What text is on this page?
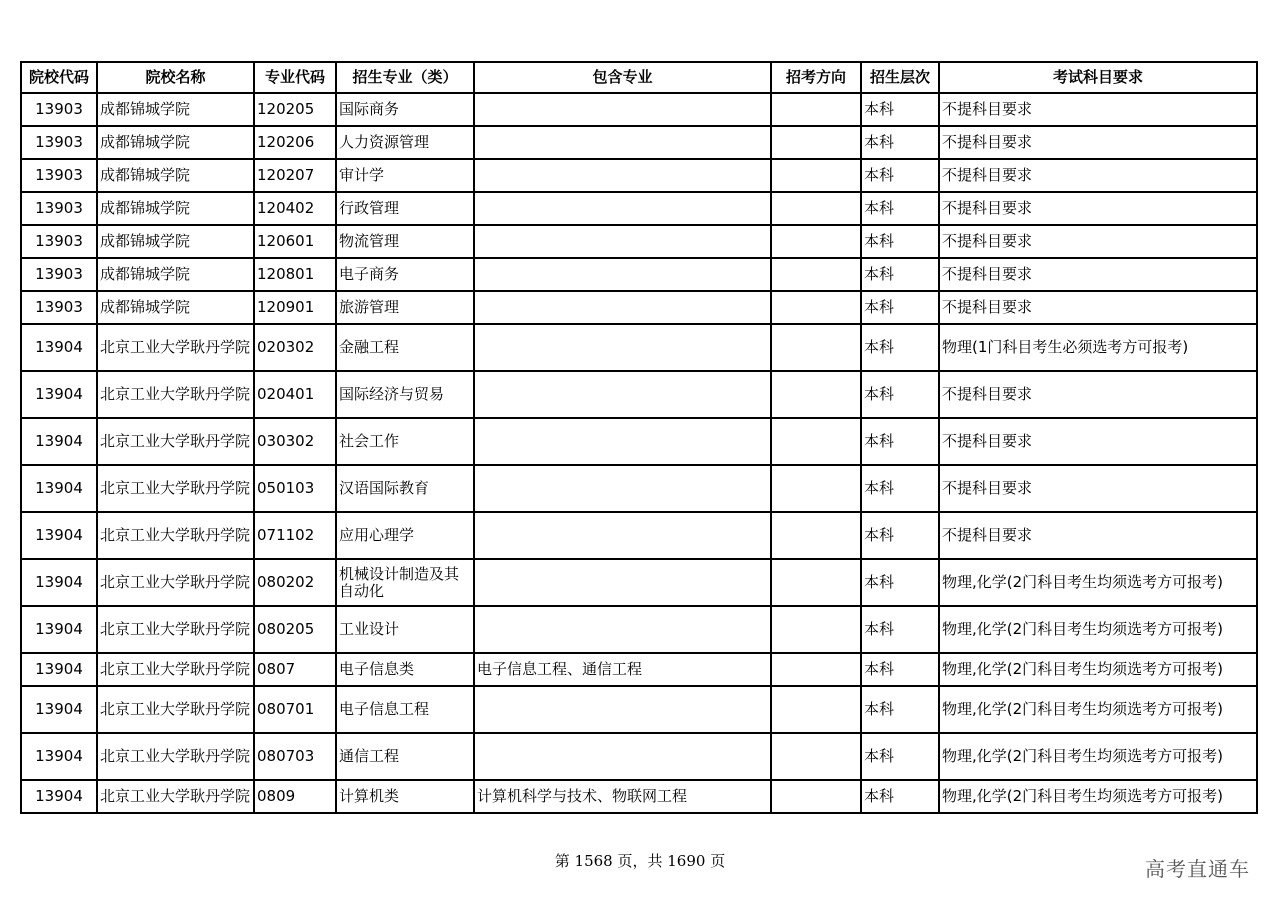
院校代码	院校名称	专业代码	招生专业（类）	包含专业	招考方向	招生层次	考试科目要求
13903	成都锦城学院	120205	国际商务			本科	不提科目要求
13903	成都锦城学院	120206	人力资源管理			本科	不提科目要求
13903	成都锦城学院	120207	审计学			本科	不提科目要求
13903	成都锦城学院	120402	行政管理			本科	不提科目要求
13903	成都锦城学院	120601	物流管理			本科	不提科目要求
13903	成都锦城学院	120801	电子商务			本科	不提科目要求
13903	成都锦城学院	120901	旅游管理			本科	不提科目要求
13904	北京工业大学耿丹学院	020302	金融工程			本科	物理(1门科目考生必须选考方可报考)
13904	北京工业大学耿丹学院	020401	国际经济与贸易			本科	不提科目要求
13904	北京工业大学耿丹学院	030302	社会工作			本科	不提科目要求
13904	北京工业大学耿丹学院	050103	汉语国际教育			本科	不提科目要求
13904	北京工业大学耿丹学院	071102	应用心理学			本科	不提科目要求
13904	北京工业大学耿丹学院	080202	机械设计制造及其自动化			本科	物理,化学(2门科目考生均须选考方可报考)
13904	北京工业大学耿丹学院	080205	工业设计			本科	物理,化学(2门科目考生均须选考方可报考)
13904	北京工业大学耿丹学院	0807	电子信息类	电子信息工程、通信工程		本科	物理,化学(2门科目考生均须选考方可报考)
13904	北京工业大学耿丹学院	080701	电子信息工程			本科	物理,化学(2门科目考生均须选考方可报考)
13904	北京工业大学耿丹学院	080703	通信工程			本科	物理,化学(2门科目考生均须选考方可报考)
13904	北京工业大学耿丹学院	0809	计算机类	计算机科学与技术、物联网工程		本科	物理,化学(2门科目考生均须选考方可报考)
第 1568 页，共 1690 页	高考直通车
